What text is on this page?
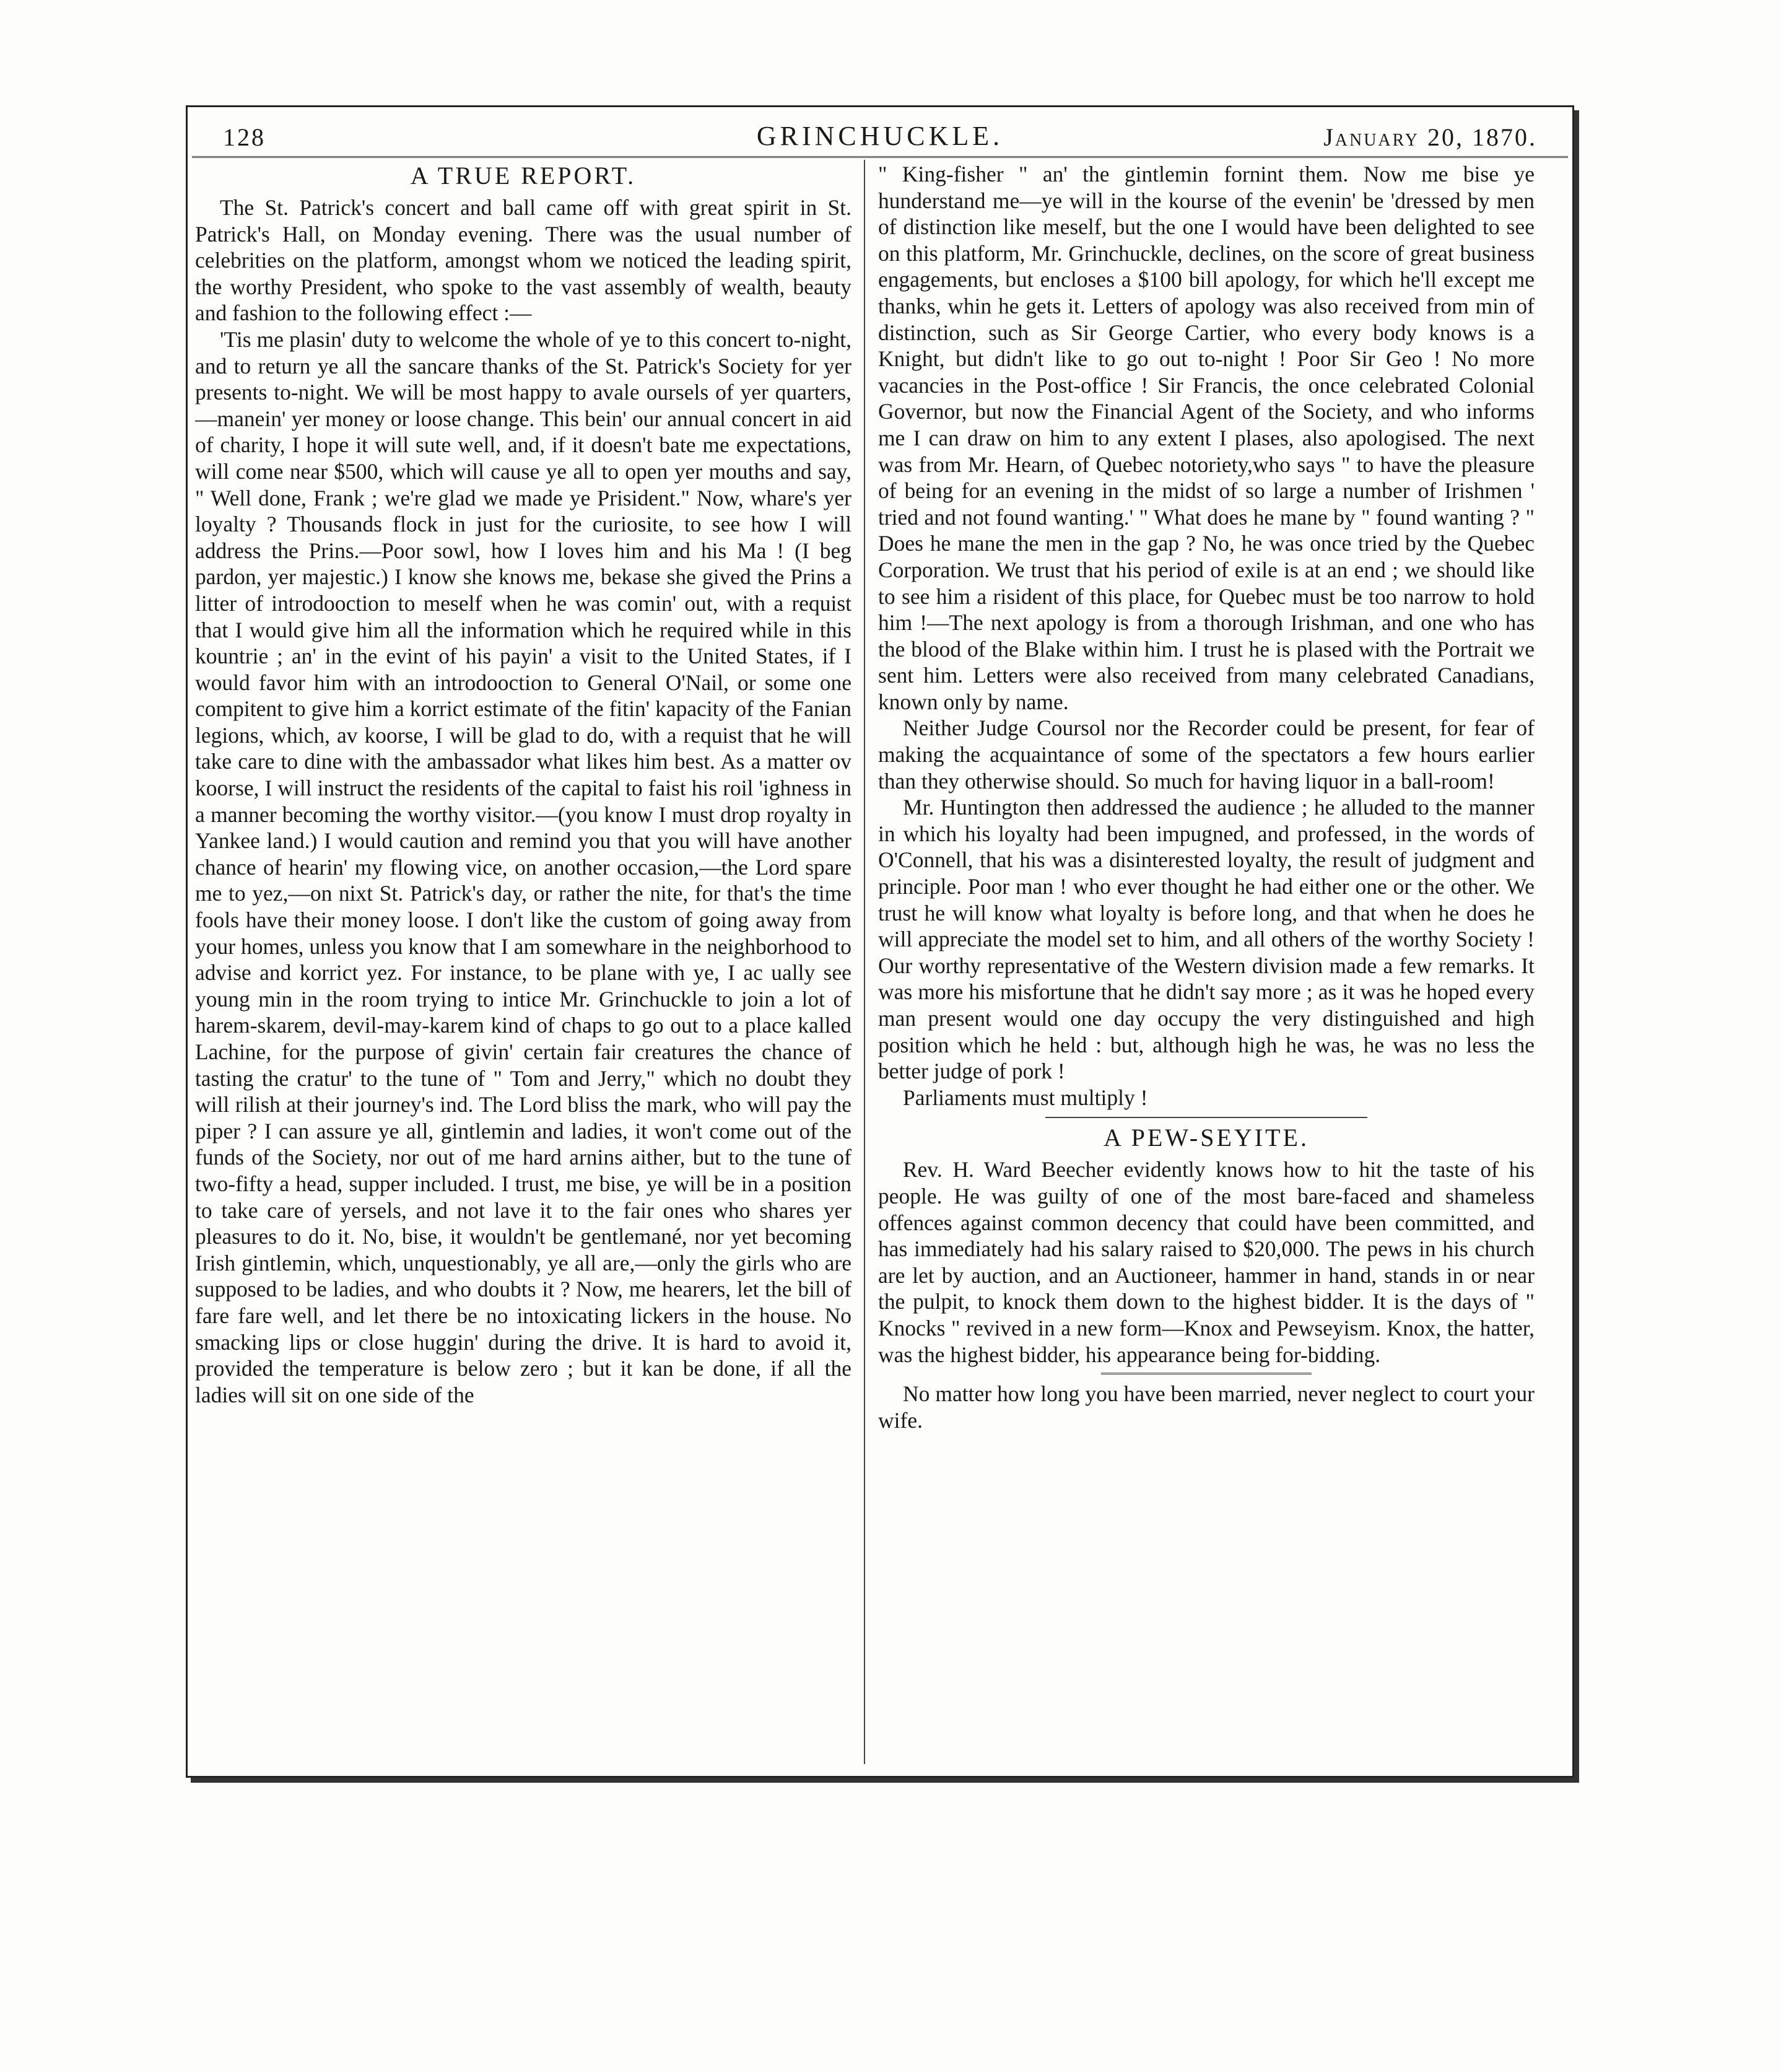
128	GRINCHUCKLE.	January 20, 1870.
A TRUE REPORT.

The St. Patrick's concert and ball came off with great spirit in St. Patrick's Hall, on Monday evening. There was the usual number of celebrities on the platform, amongst whom we noticed the leading spirit, the worthy President, who spoke to the vast assembly of wealth, beauty and fashion to the following effect :—

'Tis me plasin' duty to welcome the whole of ye to this concert to-night, and to return ye all the sancare thanks of the St. Patrick's Society for yer presents to-night. We will be most happy to avale oursels of yer quarters,—manein' yer money or loose change. This bein' our annual concert in aid of charity, I hope it will sute well, and, if it doesn't bate me expectations, will come near $500, which will cause ye all to open yer mouths and say, " Well done, Frank ; we're glad we made ye Prisident." Now, whare's yer loyalty ? Thousands flock in just for the curiosite, to see how I will address the Prins.—Poor sowl, how I loves him and his Ma ! (I beg pardon, yer majestic.) I know she knows me, bekase she gived the Prins a litter of introdooction to meself when he was comin' out, with a requist that I would give him all the information which he required while in this kountrie ; an' in the evint of his payin' a visit to the United States, if I would favor him with an introdooction to General O'Nail, or some one compitent to give him a korrict estimate of the fitin' kapacity of the Fanian legions, which, av koorse, I will be glad to do, with a requist that he will take care to dine with the ambassador what likes him best. As a matter ov koorse, I will instruct the residents of the capital to faist his roil 'ighness in a manner becoming the worthy visitor.—(you know I must drop royalty in Yankee land.) I would caution and remind you that you will have another chance of hearin' my flowing vice, on another occasion,—the Lord spare me to yez,—on nixt St. Patrick's day, or rather the nite, for that's the time fools have their money loose. I don't like the custom of going away from your homes, unless you know that I am somewhare in the neighborhood to advise and korrict yez. For instance, to be plane with ye, I ac ually see young min in the room trying to intice Mr. Grinchuckle to join a lot of harem-skarem, devil-may-karem kind of chaps to go out to a place kalled Lachine, for the purpose of givin' certain fair creatures the chance of tasting the cratur' to the tune of " Tom and Jerry," which no doubt they will rilish at their journey's ind. The Lord bliss the mark, who will pay the piper ? I can assure ye all, gintlemin and ladies, it won't come out of the funds of the Society, nor out of me hard arnins aither, but to the tune of two-fifty a head, supper included. I trust, me bise, ye will be in a position to take care of yersels, and not lave it to the fair ones who shares yer pleasures to do it. No, bise, it wouldn't be gentlemané, nor yet becoming Irish gintlemin, which, unquestionably, ye all are,—only the girls who are supposed to be ladies, and who doubts it ? Now, me hearers, let the bill of fare fare well, and let there be no intoxicating lickers in the house. No smacking lips or close huggin' during the drive. It is hard to avoid it, provided the temperature is below zero ; but it kan be done, if all the ladies will sit on one side of the

" King-fisher " an' the gintlemin fornint them. Now me bise ye hunderstand me—ye will in the kourse of the evenin' be 'dressed by men of distinction like meself, but the one I would have been delighted to see on this platform, Mr. Grinchuckle, declines, on the score of great business engagements, but encloses a $100 bill apology, for which he'll except me thanks, whin he gets it. Letters of apology was also received from min of distinction, such as Sir George Cartier, who every body knows is a Knight, but didn't like to go out to-night ! Poor Sir Geo ! No more vacancies in the Post-office ! Sir Francis, the once celebrated Colonial Governor, but now the Financial Agent of the Society, and who informs me I can draw on him to any extent I plases, also apologised. The next was from Mr. Hearn, of Quebec notoriety,who says " to have the pleasure of being for an evening in the midst of so large a number of Irishmen ' tried and not found wanting.' " What does he mane by " found wanting ? " Does he mane the men in the gap ? No, he was once tried by the Quebec Corporation. We trust that his period of exile is at an end ; we should like to see him a risident of this place, for Quebec must be too narrow to hold him !—The next apology is from a thorough Irishman, and one who has the blood of the Blake within him. I trust he is plased with the Portrait we sent him. Letters were also received from many celebrated Canadians, known only by name.

Neither Judge Coursol nor the Recorder could be present, for fear of making the acquaintance of some of the spectators a few hours earlier than they otherwise should. So much for having liquor in a ball-room!

Mr. Huntington then addressed the audience ; he alluded to the manner in which his loyalty had been impugned, and professed, in the words of O'Connell, that his was a disinterested loyalty, the result of judgment and principle. Poor man ! who ever thought he had either one or the other. We trust he will know what loyalty is before long, and that when he does he will appreciate the model set to him, and all others of the worthy Society ! Our worthy representative of the Western division made a few remarks. It was more his misfortune that he didn't say more ; as it was he hoped every man present would one day occupy the very distinguished and high position which he held : but, although high he was, he was no less the better judge of pork !

Parliaments must multiply !

A PEW-SEYITE.

Rev. H. Ward Beecher evidently knows how to hit the taste of his people. He was guilty of one of the most bare-faced and shameless offences against common decency that could have been committed, and has immediately had his salary raised to $20,000. The pews in his church are let by auction, and an Auctioneer, hammer in hand, stands in or near the pulpit, to knock them down to the highest bidder. It is the days of " Knocks " revived in a new form—Knox and Pewseyism. Knox, the hatter, was the highest bidder, his appearance being for-bidding.

No matter how long you have been married, never neglect to court your wife.
